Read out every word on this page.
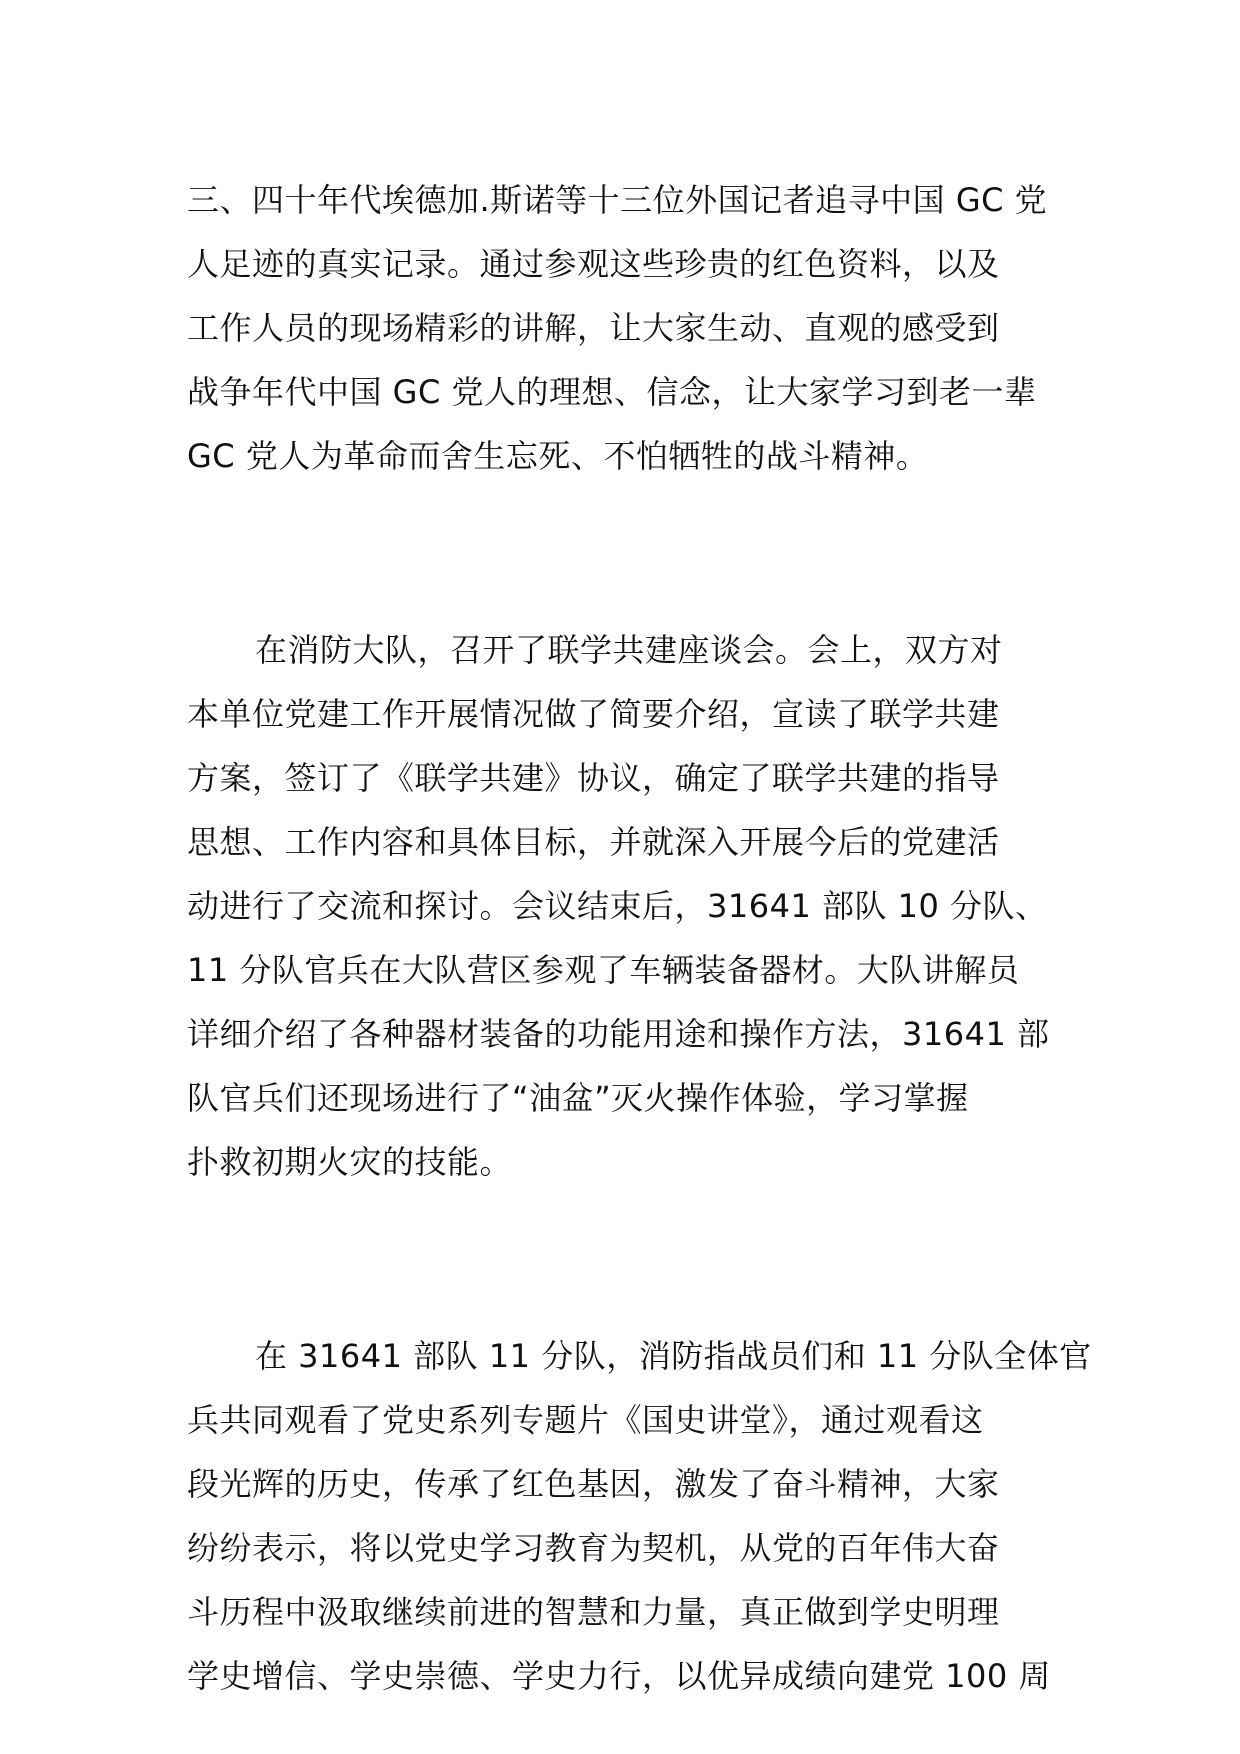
三、四十年代埃德加.斯诺等十三位外国记者追寻中国 GC 党
人足迹的真实记录。通过参观这些珍贵的红色资料，以及
工作人员的现场精彩的讲解，让大家生动、直观的感受到
战争年代中国 GC 党人的理想、信念，让大家学习到老一辈
GC 党人为革命而舍生忘死、不怕牺牲的战斗精神。
在消防大队，召开了联学共建座谈会。会上，双方对
本单位党建工作开展情况做了简要介绍，宣读了联学共建
方案，签订了《联学共建》协议，确定了联学共建的指导
思想、工作内容和具体目标，并就深入开展今后的党建活
动进行了交流和探讨。会议结束后，31641 部队 10 分队、
11 分队官兵在大队营区参观了车辆装备器材。大队讲解员
详细介绍了各种器材装备的功能用途和操作方法，31641 部
队官兵们还现场进行了“油盆”灭火操作体验，学习掌握
扑救初期火灾的技能。
在 31641 部队 11 分队，消防指战员们和 11 分队全体官
兵共同观看了党史系列专题片《国史讲堂》，通过观看这
段光辉的历史，传承了红色基因，激发了奋斗精神，大家
纷纷表示，将以党史学习教育为契机，从党的百年伟大奋
斗历程中汲取继续前进的智慧和力量，真正做到学史明理
学史增信、学史崇德、学史力行，以优异成绩向建党 100 周
